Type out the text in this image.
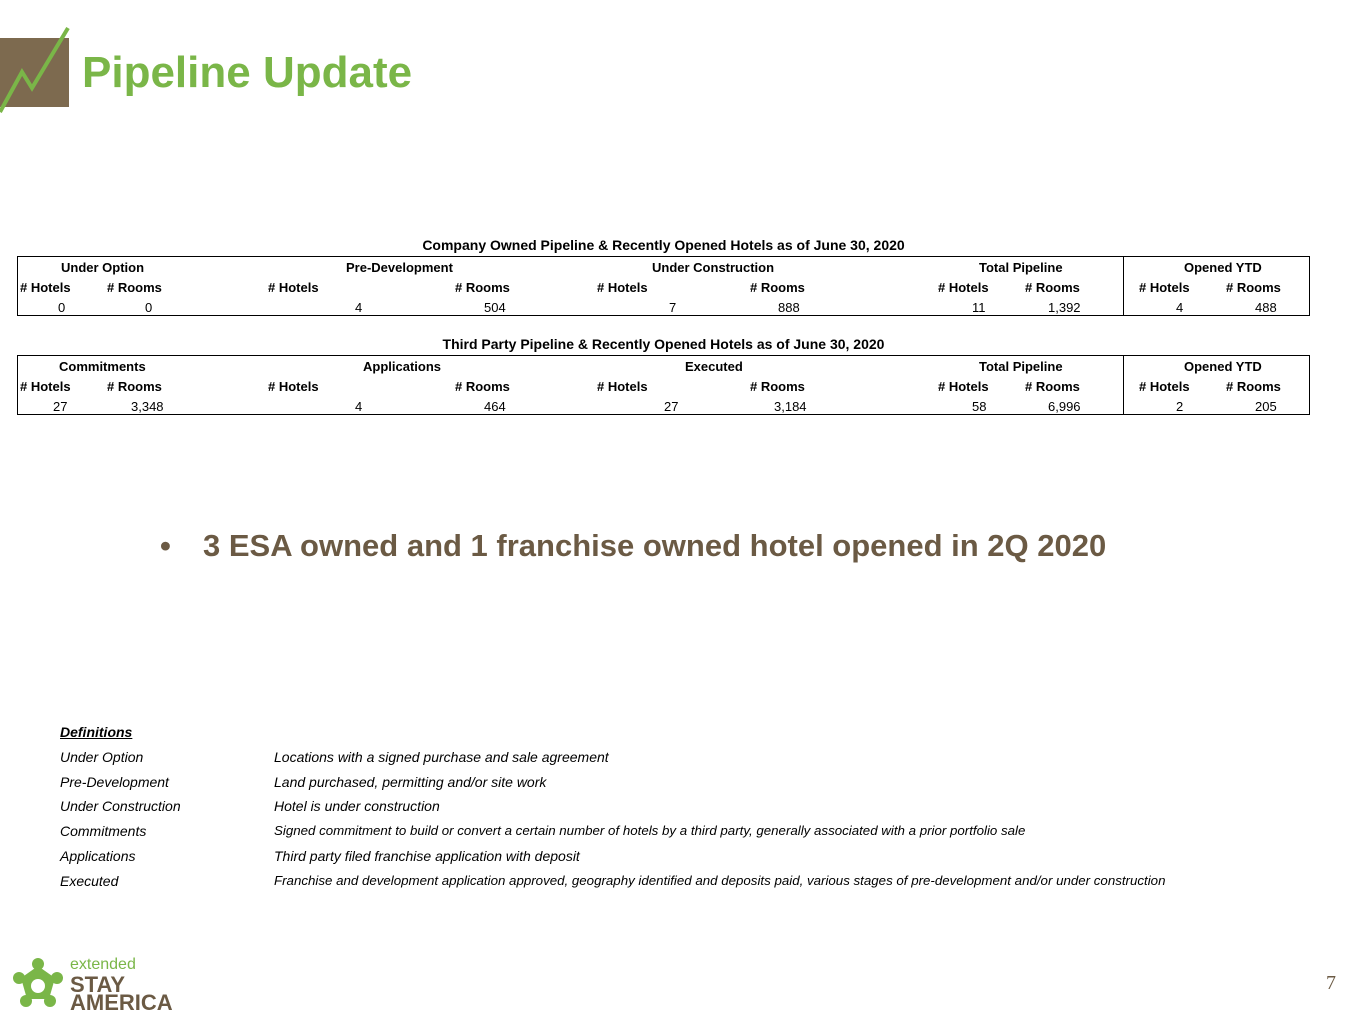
Pipeline Update
Company Owned Pipeline & Recently Opened Hotels as of June 30, 2020
Under Option	Pre-Development	Under Construction	Total Pipeline	Opened YTD
# Hotels	# Rooms	# Hotels	# Rooms	# Hotels	# Rooms	# Hotels	# Rooms	# Hotels	# Rooms
0	0	4	504	7	888	11	1,392	4	488
Third Party Pipeline & Recently Opened Hotels as of June 30, 2020
Commitments	Applications	Executed	Total Pipeline	Opened YTD
# Hotels	# Rooms	# Hotels	# Rooms	# Hotels	# Rooms	# Hotels	# Rooms	# Hotels	# Rooms
27	3,348	4	464	27	3,184	58	6,996	2	205
• 3 ESA owned and 1 franchise owned hotel opened in 2Q 2020
Definitions
Under Option	Locations with a signed purchase and sale agreement
Pre-Development	Land purchased, permitting and/or site work
Under Construction	Hotel is under construction
Commitments	Signed commitment to build or convert a certain number of hotels by a third party, generally associated with a prior portfolio sale
Applications	Third party filed franchise application with deposit
Executed	Franchise and development application approved, geography identified and deposits paid, various stages of pre-development and/or under construction
extended
STAY
AMERICA
7
